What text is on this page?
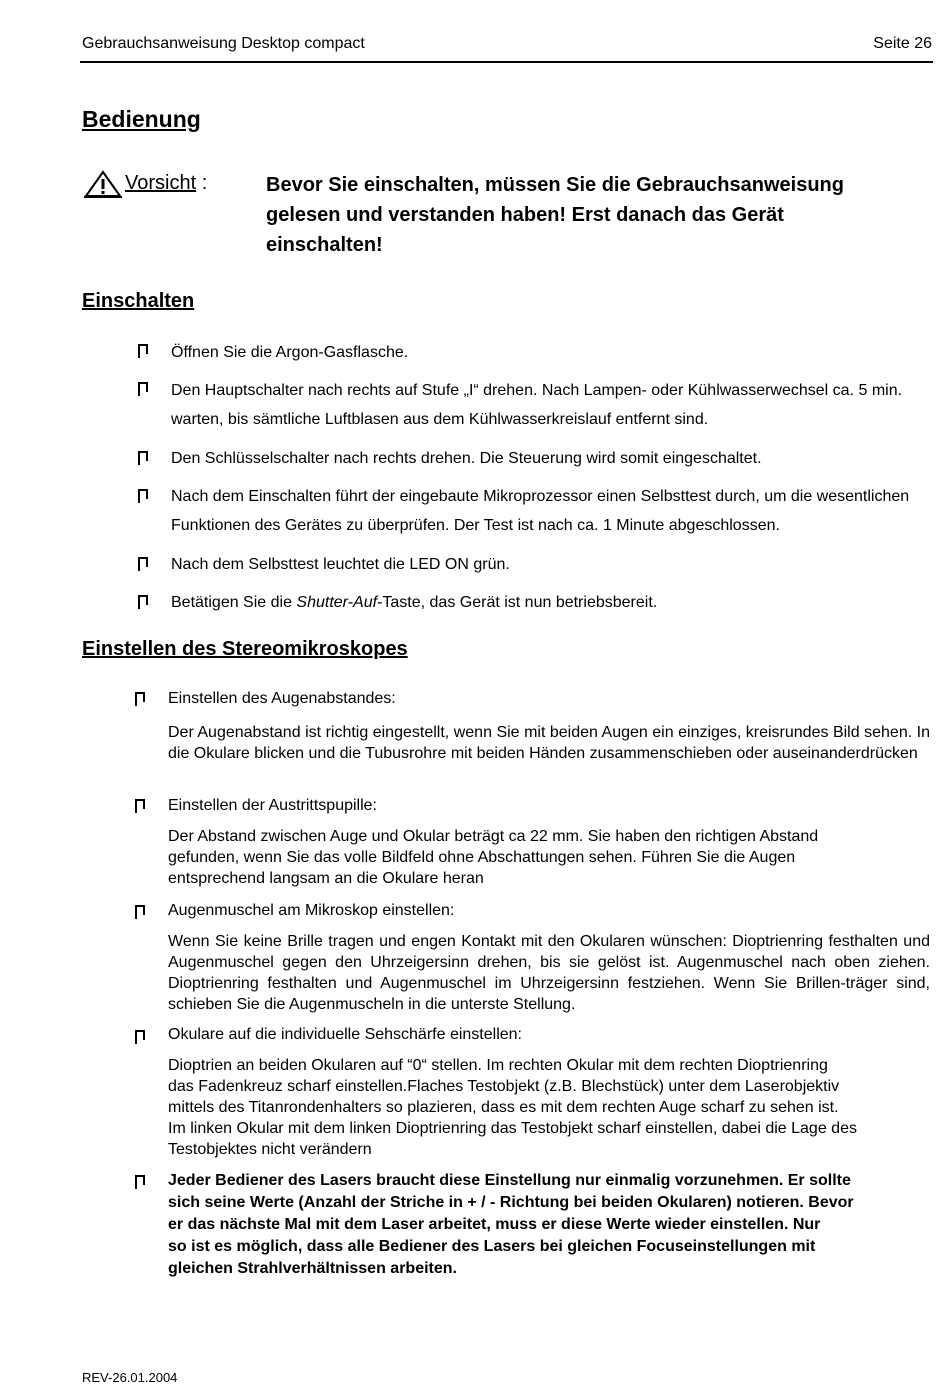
Gebrauchsanweisung Desktop compact	Seite 26
Bedienung
Vorsicht :	Bevor Sie einschalten, müssen Sie die Gebrauchsanweisung gelesen und verstanden haben! Erst danach das Gerät einschalten!
Einschalten
Öffnen Sie die Argon-Gasflasche.
Den Hauptschalter nach rechts auf Stufe „I“ drehen. Nach Lampen- oder Kühlwasserwechsel ca. 5 min. warten, bis sämtliche Luftblasen aus dem Kühlwasserkreislauf entfernt sind.
Den Schlüsselschalter nach rechts drehen. Die Steuerung wird somit eingeschaltet.
Nach dem Einschalten führt der eingebaute Mikroprozessor einen Selbsttest durch, um die wesentlichen Funktionen des Gerätes zu überprüfen. Der Test ist nach ca. 1 Minute abgeschlossen.
Nach dem Selbsttest leuchtet die LED ON grün.
Betätigen Sie die Shutter-Auf-Taste, das Gerät ist nun betriebsbereit.
Einstellen des Stereomikroskopes
Einstellen des Augenabstandes:
Der Augenabstand ist richtig eingestellt, wenn Sie mit beiden Augen ein einziges, kreisrundes Bild sehen. In die Okulare blicken und die Tubusrohre mit beiden Händen zusammenschieben oder auseinanderdrücken
Einstellen der Austrittspupille:
Der Abstand zwischen Auge und Okular beträgt ca 22 mm. Sie haben den richtigen Abstand
gefunden, wenn Sie das volle Bildfeld ohne Abschattungen sehen. Führen Sie die Augen
entsprechend langsam an die Okulare heran
Augenmuschel am Mikroskop einstellen:
Wenn Sie keine Brille tragen und engen Kontakt mit den Okularen wünschen: Dioptrienring festhalten und Augenmuschel gegen den Uhrzeigersinn drehen, bis sie gelöst ist. Augenmuschel nach oben ziehen. Dioptrienring festhalten und Augenmuschel im Uhrzeigersinn festziehen. Wenn Sie Brillen-träger sind, schieben Sie die Augenmuscheln in die unterste Stellung.
Okulare auf die individuelle Sehschärfe einstellen:
Dioptrien an beiden Okularen auf “0“ stellen. Im rechten Okular mit dem rechten Dioptrienring
das Fadenkreuz scharf einstellen.Flaches Testobjekt (z.B. Blechstück) unter dem Laserobjektiv
mittels des Titanrondenhalters so plazieren, dass es mit dem rechten Auge scharf zu sehen ist.
Im linken Okular mit dem linken Dioptrienring das Testobjekt scharf einstellen, dabei die Lage des
Testobjektes nicht verändern
Jeder Bediener des Lasers braucht diese Einstellung nur einmalig vorzunehmen. Er sollte
sich seine Werte (Anzahl der Striche in + / - Richtung bei beiden Okularen) notieren. Bevor
er das nächste Mal mit dem Laser arbeitet, muss er diese Werte wieder einstellen. Nur
so ist es möglich, dass alle Bediener des Lasers bei gleichen Focuseinstellungen mit
gleichen Strahlverhältnissen arbeiten.
REV-26.01.2004
